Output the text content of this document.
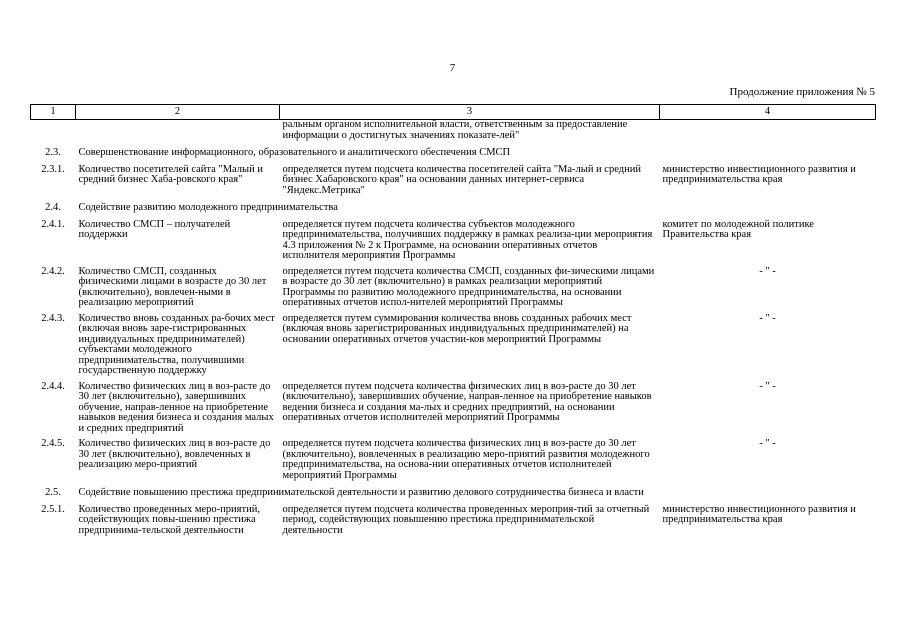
7
Продолжение приложения № 5
1	2	3	4
		ральным органом исполнительной власти, ответственным за предоставление информации о достигнутых значениях показате-лей"	
2.3.	Совершенствование информационного, образовательного и аналитического обеспечения СМСП		
2.3.1.	Количество посетителей сайта "Малый и средний бизнес Хаба-ровского края"	определяется путем подсчета количества посетителей сайта "Ма-лый и средний бизнес Хабаровского края" на основании данных интернет-сервиса "Яндекс.Метрика"	министерство инвестиционного развития и предпринимательства края
2.4.	Содействие развитию молодежного предпринимательства		
2.4.1.	Количество СМСП – получателей поддержки	определяется путем подсчета количества субъектов молодежного предпринимательства, получивших поддержку в рамках реализа-ции мероприятия 4.3 приложения № 2 к Программе, на основании оперативных отчетов исполнителя мероприятия Программы	комитет по молодежной политике Правительства края
2.4.2.	Количество СМСП, созданных физическими лицами в возрасте до 30 лет (включительно), вовлечен-ными в реализацию мероприятий	определяется путем подсчета количества СМСП, созданных фи-зическими лицами в возрасте до 30 лет (включительно) в рамках реализации мероприятий Программы по развитию молодежного предпринимательства, на основании оперативных отчетов испол-нителей мероприятий Программы	- " -
2.4.3.	Количество вновь созданных ра-бочих мест (включая вновь заре-гистрированных индивидуальных предпринимателей) субъектами молодежного предпринимательства, получившими государственную поддержку	определяется путем суммирования количества вновь созданных рабочих мест (включая вновь зарегистрированных индивидуальных предпринимателей) на основании оперативных отчетов участни-ков мероприятий Программы	- " -
2.4.4.	Количество физических лиц в воз-расте до 30 лет (включительно), завершивших обучение, направ-ленное на приобретение навыков ведения бизнеса и создания малых и средних предприятий	определяется путем подсчета количества физических лиц в воз-расте до 30 лет (включительно), завершивших обучение, направ-ленное на приобретение навыков ведения бизнеса и создания ма-лых и средних предприятий, на основании оперативных отчетов исполнителей мероприятий Программы	- " -
2.4.5.	Количество физических лиц в воз-расте до 30 лет (включительно), вовлеченных в реализацию меро-приятий	определяется путем подсчета количества физических лиц в воз-расте до 30 лет (включительно), вовлеченных в реализацию меро-приятий развития молодежного предпринимательства, на основа-нии оперативных отчетов исполнителей мероприятий Программы	- " -
2.5.	Содействие повышению престижа предпринимательской деятельности и развитию делового сотрудничества бизнеса и власти		
2.5.1.	Количество проведенных меро-приятий, содействующих повы-шению престижа предпринима-тельской деятельности	определяется путем подсчета количества проведенных мероприя-тий за отчетный период, содействующих повышению престижа предпринимательской деятельности	министерство инвестиционного развития и предпринимательства края
